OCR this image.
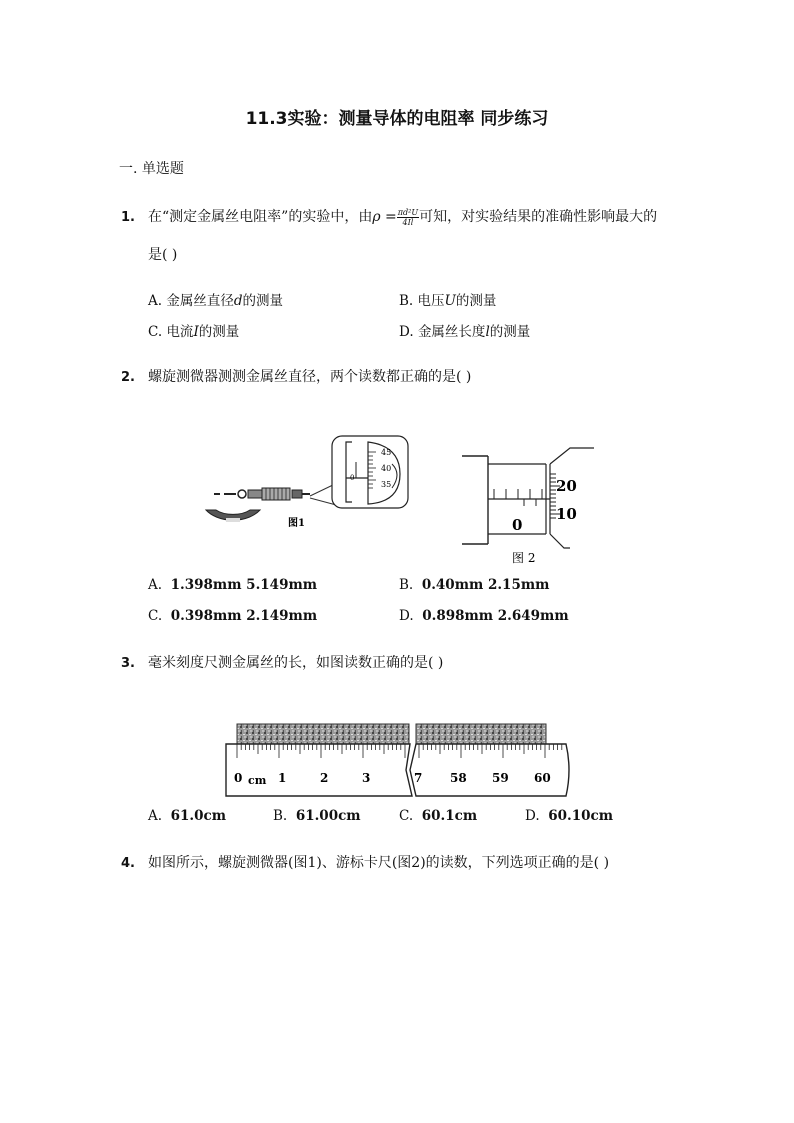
11.3实验：测量导体的电阻率 同步练习
一. 单选题
1. 在“测定金属丝电阻率”的实验中，由$\rho = \frac{\text{πd²U}}{4Il}$ 可知，对实验结果的准确性影响最大的
是( )
A. 金属丝直径d的测量	B. 电压U的测量
C. 电流I的测量	D. 金属丝长度l的测量
2. 螺旋测微器测测金属丝直径，两个读数都正确的是( )
45
40
35
0
图1
20
10
0
图 2
A. 1.398mm 5.149mm	B. 0.40mm 2.15mm
C. 0.398mm 2.149mm	D. 0.898mm 2.649mm
3. 毫米刻度尺测金属丝的长，如图读数正确的是( )
0 cm 1	2	3	7 58 59 60
A. 61.0cm	B. 61.00cm	C. 60.1cm	D. 60.10cm
4. 如图所示，螺旋测微器(图1)、游标卡尺(图2)的读数，下列选项正确的是( )
